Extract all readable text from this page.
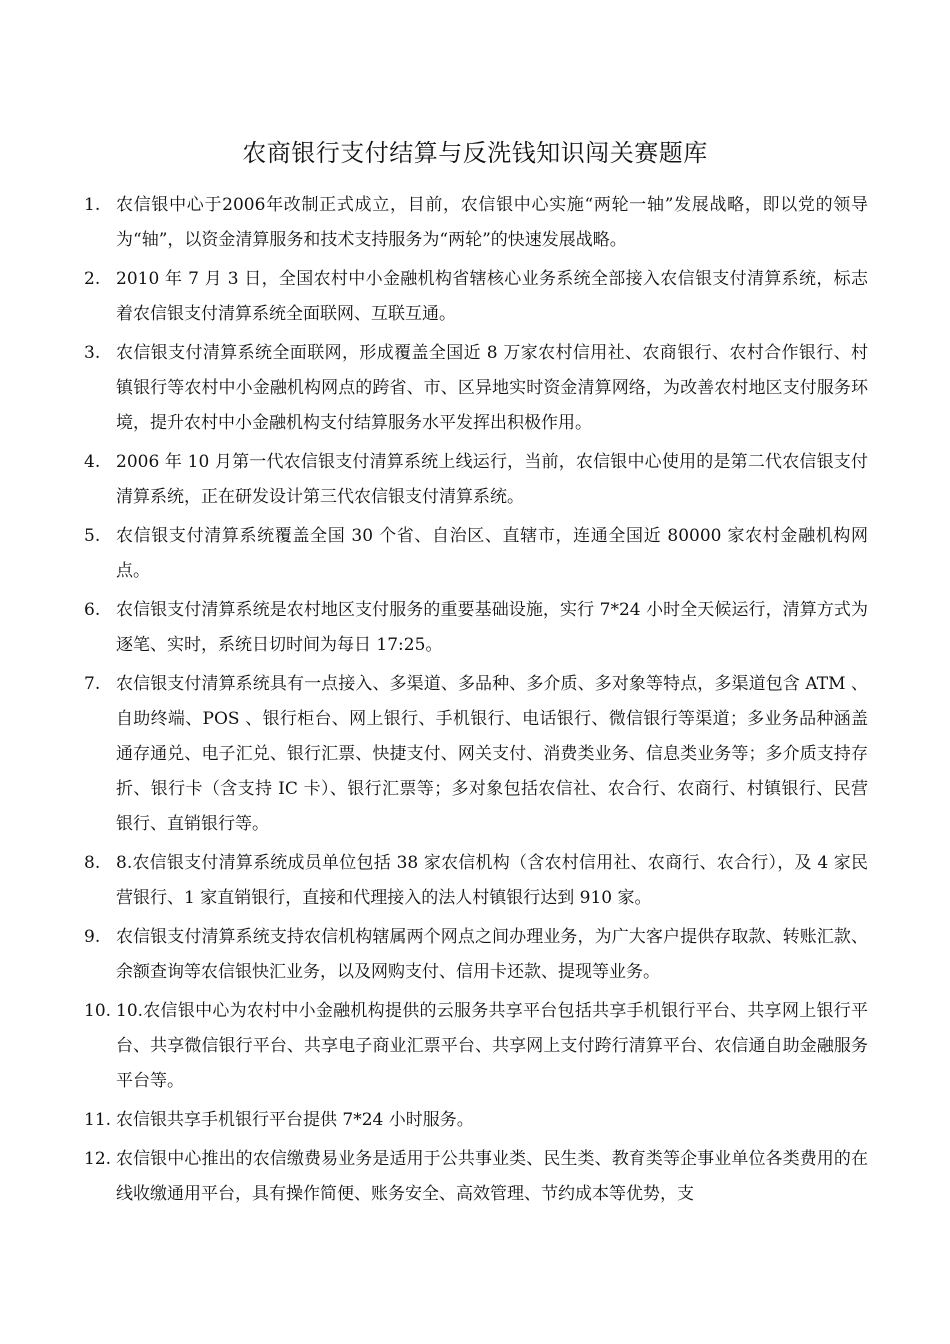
农商银行支付结算与反洗钱知识闯关赛题库
1. 农信银中心于2006年改制正式成立，目前，农信银中心实施“两轮一轴”发展战略，即以党的领导为“轴”，以资金清算服务和技术支持服务为“两轮”的快速发展战略。
2. 2010 年 7 月 3 日，全国农村中小金融机构省辖核心业务系统全部接入农信银支付清算系统，标志着农信银支付清算系统全面联网、互联互通。
3. 农信银支付清算系统全面联网，形成覆盖全国近 8 万家农村信用社、农商银行、农村合作银行、村镇银行等农村中小金融机构网点的跨省、市、区异地实时资金清算网络，为改善农村地区支付服务环境，提升农村中小金融机构支付结算服务水平发挥出积极作用。
4. 2006 年 10 月第一代农信银支付清算系统上线运行，当前，农信银中心使用的是第二代农信银支付清算系统，正在研发设计第三代农信银支付清算系统。
5. 农信银支付清算系统覆盖全国 30 个省、自治区、直辖市，连通全国近 80000 家农村金融机构网点。
6. 农信银支付清算系统是农村地区支付服务的重要基础设施，实行 7*24 小时全天候运行，清算方式为逐笔、实时，系统日切时间为每日 17:25。
7. 农信银支付清算系统具有一点接入、多渠道、多品种、多介质、多对象等特点，多渠道包含 ATM 、自助终端、POS 、银行柜台、网上银行、手机银行、电话银行、微信银行等渠道；多业务品种涵盖通存通兑、电子汇兑、银行汇票、快捷支付、网关支付、消费类业务、信息类业务等；多介质支持存折、银行卡（含支持 IC 卡）、银行汇票等；多对象包括农信社、农合行、农商行、村镇银行、民营银行、直销银行等。
8. 8.农信银支付清算系统成员单位包括 38 家农信机构（含农村信用社、农商行、农合行），及 4 家民营银行、1 家直销银行，直接和代理接入的法人村镇银行达到 910 家。
9. 农信银支付清算系统支持农信机构辖属两个网点之间办理业务，为广大客户提供存取款、转账汇款、余额查询等农信银快汇业务，以及网购支付、信用卡还款、提现等业务。
10. 10.农信银中心为农村中小金融机构提供的云服务共享平台包括共享手机银行平台、共享网上银行平台、共享微信银行平台、共享电子商业汇票平台、共享网上支付跨行清算平台、农信通自助金融服务平台等。
11. 农信银共享手机银行平台提供 7*24 小时服务。
12. 农信银中心推出的农信缴费易业务是适用于公共事业类、民生类、教育类等企事业单位各类费用的在线收缴通用平台，具有操作简便、账务安全、高效管理、节约成本等优势，支
